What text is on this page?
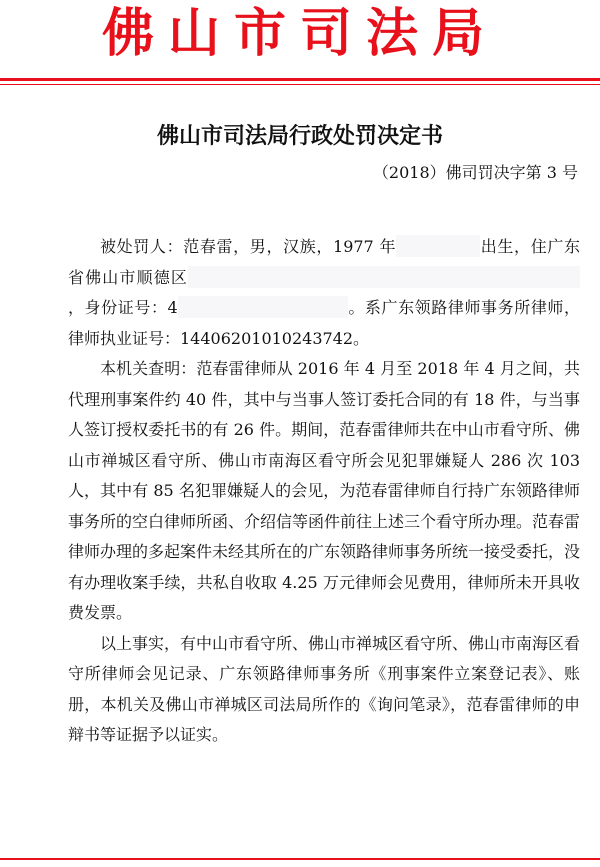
佛山市司法局
佛山市司法局行政处罚决定书
（2018）佛司罚决字第 3 号

被处罚人：范春雷，男，汉族，1977 年	出生，住广东省佛山市顺德区，身份证号：4	。系广东领路律师事务所律师，律师执业证号：14406201010243742。

本机关查明：范春雷律师从 2016 年 4 月至 2018 年 4 月之间，共代理刑事案件约 40 件，其中与当事人签订委托合同的有 18 件，与当事人签订授权委托书的有 26 件。期间，范春雷律师共在中山市看守所、佛山市禅城区看守所、佛山市南海区看守所会见犯罪嫌疑人 286 次 103 人，其中有 85 名犯罪嫌疑人的会见，为范春雷律师自行持广东领路律师事务所的空白律师所函、介绍信等函件前往上述三个看守所办理。范春雷律师办理的多起案件未经其所在的广东领路律师事务所统一接受委托，没有办理收案手续，共私自收取 4.25 万元律师会见费用，律师所未开具收费发票。

以上事实，有中山市看守所、佛山市禅城区看守所、佛山市南海区看守所律师会见记录、广东领路律师事务所《刑事案件立案登记表》、账册，本机关及佛山市禅城区司法局所作的《询问笔录》，范春雷律师的申辩书等证据予以证实。
